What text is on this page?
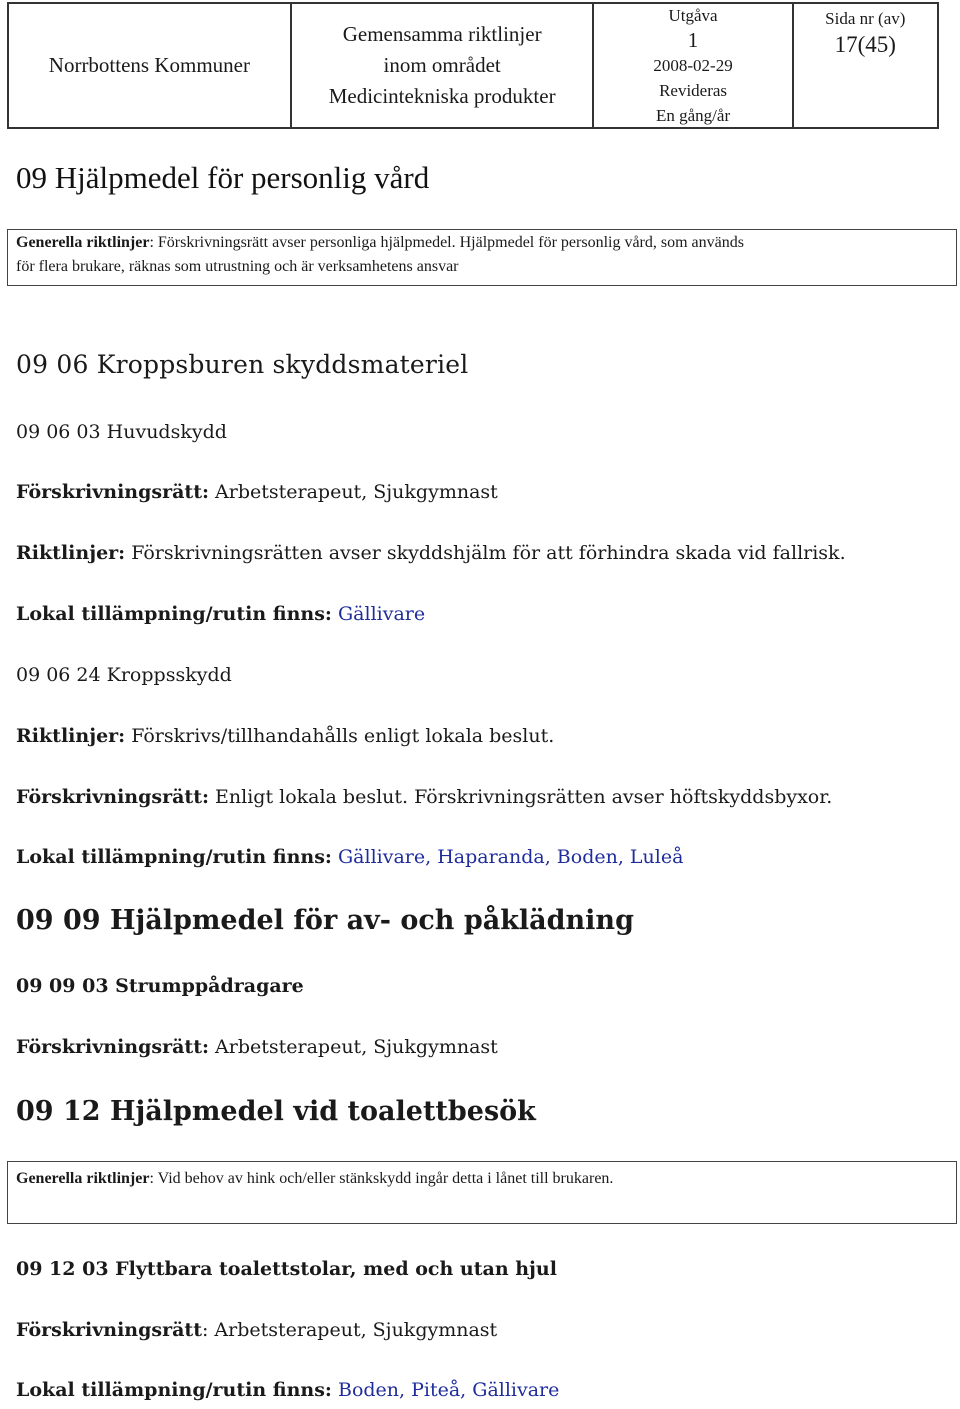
Norrbottens Kommuner
Gemensamma riktlinjer
inom området
Medicintekniska produkter
Utgåva
1
2008-02-29
Revideras
En gång/år
Sida nr (av)
17(45)
09 Hjälpmedel för personlig vård
Generella riktlinjer: Förskrivningsrätt avser personliga hjälpmedel. Hjälpmedel för personlig vård, som används
för flera brukare, räknas som utrustning och är verksamhetens ansvar
09 06 Kroppsburen skyddsmateriel
09 06 03 Huvudskydd
Förskrivningsrätt: Arbetsterapeut, Sjukgymnast
Riktlinjer: Förskrivningsrätten avser skyddshjälm för att förhindra skada vid fallrisk.
Lokal tillämpning/rutin finns: Gällivare
09 06 24 Kroppsskydd
Riktlinjer: Förskrivs/tillhandahålls enligt lokala beslut.
Förskrivningsrätt: Enligt lokala beslut. Förskrivningsrätten avser höftskyddsbyxor.
Lokal tillämpning/rutin finns: Gällivare, Haparanda, Boden, Luleå
09 09 Hjälpmedel för av- och påklädning
09 09 03 Strumppådragare
Förskrivningsrätt: Arbetsterapeut, Sjukgymnast
09 12 Hjälpmedel vid toalettbesök
Generella riktlinjer: Vid behov av hink och/eller stänkskydd ingår detta i lånet till brukaren.
09 12 03 Flyttbara toalettstolar, med och utan hjul
Förskrivningsrätt: Arbetsterapeut, Sjukgymnast
Lokal tillämpning/rutin finns: Boden, Piteå, Gällivare
